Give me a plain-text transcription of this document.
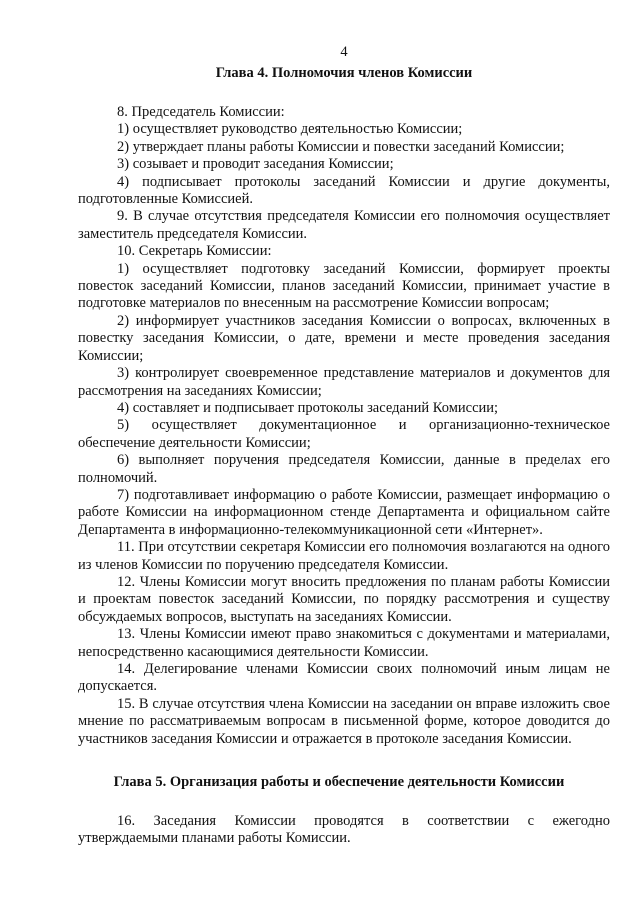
4
Глава 4. Полномочия членов Комиссии

8. Председатель Комиссии:

1) осуществляет руководство деятельностью Комиссии;

2) утверждает планы работы Комиссии и повестки заседаний Комиссии;

3) созывает и проводит заседания Комиссии;

4) подписывает протоколы заседаний Комиссии и другие документы, подготовленные Комиссией.

9. В случае отсутствия председателя Комиссии его полномочия осуществляет заместитель председателя Комиссии.

10. Секретарь Комиссии:

1) осуществляет подготовку заседаний Комиссии, формирует проекты повесток заседаний Комиссии, планов заседаний Комиссии, принимает участие в подготовке материалов по внесенным на рассмотрение Комиссии вопросам;

2) информирует участников заседания Комиссии о вопросах, включенных в повестку заседания Комиссии, о дате, времени и месте проведения заседания Комиссии;

3) контролирует своевременное представление материалов и документов для рассмотрения на заседаниях Комиссии;

4) составляет и подписывает протоколы заседаний Комиссии;

5) осуществляет документационное и организационно-техническое обеспечение деятельности Комиссии;

6) выполняет поручения председателя Комиссии, данные в пределах его полномочий.

7) подготавливает информацию о работе Комиссии, размещает информацию о работе Комиссии на информационном стенде Департамента и официальном сайте Департамента в информационно-телекоммуникационной сети «Интернет».

11. При отсутствии секретаря Комиссии его полномочия возлагаются на одного из членов Комиссии по поручению председателя Комиссии.

12. Члены Комиссии могут вносить предложения по планам работы Комиссии и проектам повесток заседаний Комиссии, по порядку рассмотрения и существу обсуждаемых вопросов, выступать на заседаниях Комиссии.

13. Члены Комиссии имеют право знакомиться с документами и материалами, непосредственно касающимися деятельности Комиссии.

14. Делегирование членами Комиссии своих полномочий иным лицам не допускается.

15. В случае отсутствия члена Комиссии на заседании он вправе изложить свое мнение по рассматриваемым вопросам в письменной форме, которое доводится до участников заседания Комиссии и отражается в протоколе заседания Комиссии.

Глава 5. Организация работы и обеспечение деятельности Комиссии

16. Заседания Комиссии проводятся в соответствии с ежегодно утверждаемыми планами работы Комиссии.
